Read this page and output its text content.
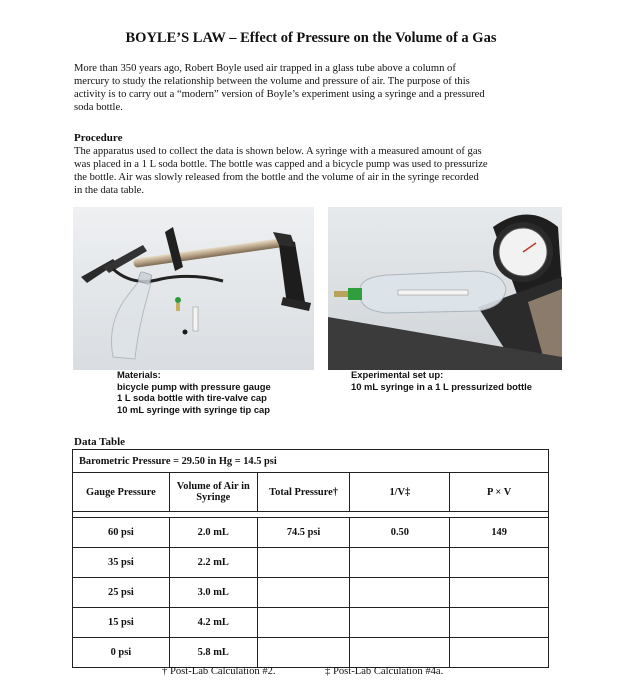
BOYLE’S LAW – Effect of Pressure on the Volume of a Gas
More than 350 years ago, Robert Boyle used air trapped in a glass tube above a column of
mercury to study the relationship between the volume and pressure of air. The purpose of this
activity is to carry out a “modern” version of Boyle’s experiment using a syringe and a pressured
soda bottle.
Procedure
The apparatus used to collect the data is shown below. A syringe with a measured amount of gas
was placed in a 1 L soda bottle. The bottle was capped and a bicycle pump was used to pressurize
the bottle. Air was slowly released from the bottle and the volume of air in the syringe recorded
in the data table.
Materials:
bicycle pump with pressure gauge
1 L soda bottle with tire-valve cap
10 mL syringe with syringe tip cap
Experimental set up:
10 mL syringe in a 1 L pressurized bottle
Data Table
Barometric Pressure = 29.50 in Hg = 14.5 psi				
Gauge Pressure	Volume of Air in Syringe	Total Pressure†	1/V‡	P × V

60 psi	2.0 mL	74.5 psi	0.50	149
35 psi	2.2 mL			
25 psi	3.0 mL			
15 psi	4.2 mL			
0 psi	5.8 mL			
† Post-Lab Calculation #2.	‡ Post-Lab Calculation #4a.
